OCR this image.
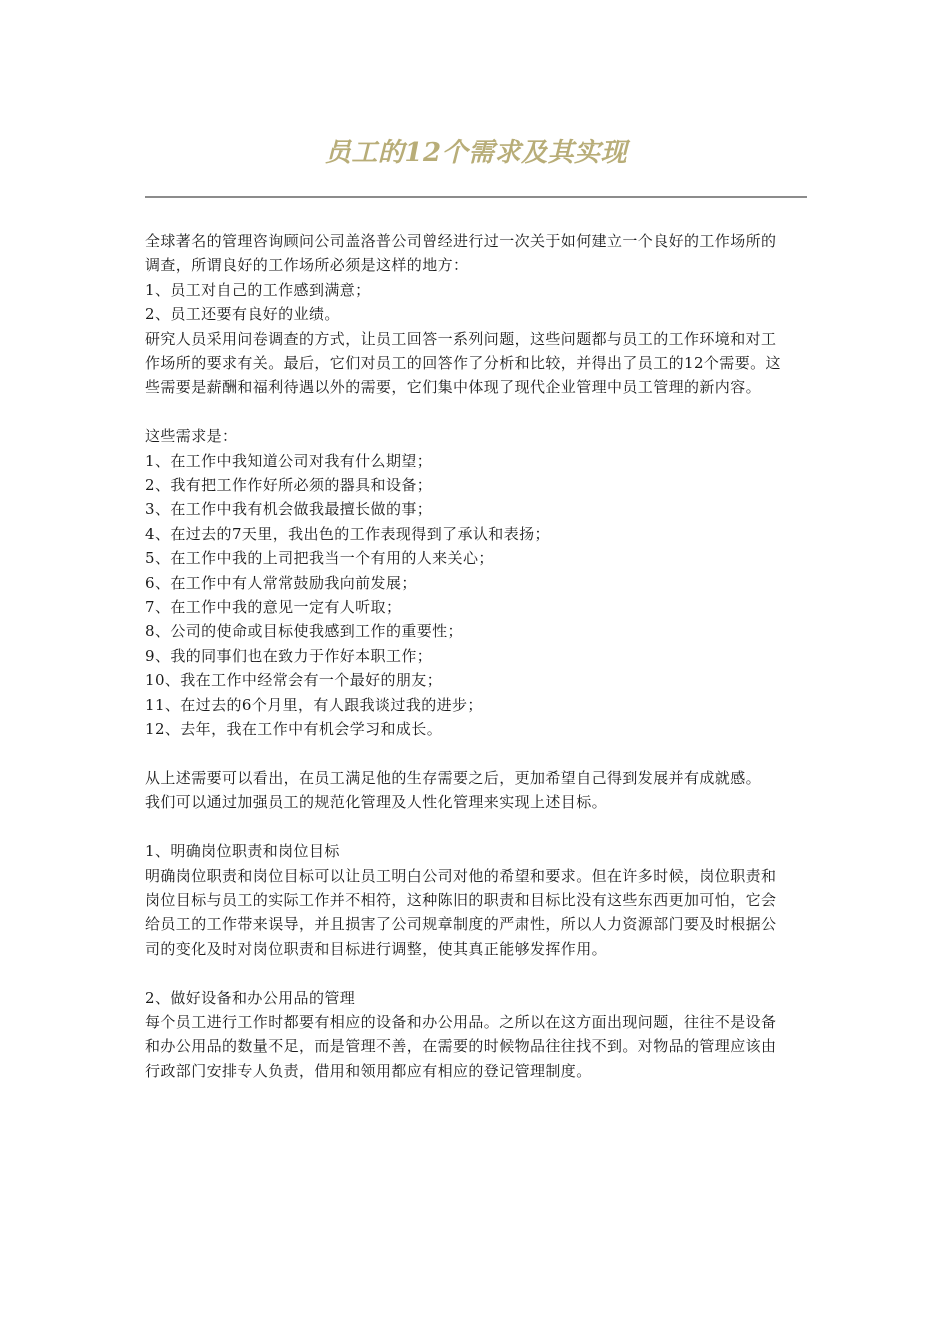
员工的12个需求及其实现

全球著名的管理咨询顾问公司盖洛普公司曾经进行过一次关于如何建立一个良好的工作场所的调查，所谓良好的工作场所必须是这样的地方：

1、员工对自己的工作感到满意；

2、员工还要有良好的业绩。

研究人员采用问卷调查的方式，让员工回答一系列问题，这些问题都与员工的工作环境和对工作场所的要求有关。最后，它们对员工的回答作了分析和比较，并得出了员工的12个需要。这些需要是薪酬和福利待遇以外的需要，它们集中体现了现代企业管理中员工管理的新内容。

这些需求是：

1、在工作中我知道公司对我有什么期望；

2、我有把工作作好所必须的器具和设备；

3、在工作中我有机会做我最擅长做的事；

4、在过去的7天里，我出色的工作表现得到了承认和表扬；

5、在工作中我的上司把我当一个有用的人来关心；

6、在工作中有人常常鼓励我向前发展；

7、在工作中我的意见一定有人听取；

8、公司的使命或目标使我感到工作的重要性；

9、我的同事们也在致力于作好本职工作；

10、我在工作中经常会有一个最好的朋友；

11、在过去的6个月里，有人跟我谈过我的进步；

12、去年，我在工作中有机会学习和成长。

从上述需要可以看出，在员工满足他的生存需要之后，更加希望自己得到发展并有成就感。

我们可以通过加强员工的规范化管理及人性化管理来实现上述目标。

1、明确岗位职责和岗位目标

明确岗位职责和岗位目标可以让员工明白公司对他的希望和要求。但在许多时候，岗位职责和岗位目标与员工的实际工作并不相符，这种陈旧的职责和目标比没有这些东西更加可怕，它会给员工的工作带来误导，并且损害了公司规章制度的严肃性，所以人力资源部门要及时根据公司的变化及时对岗位职责和目标进行调整，使其真正能够发挥作用。

2、做好设备和办公用品的管理

每个员工进行工作时都要有相应的设备和办公用品。之所以在这方面出现问题，往往不是设备和办公用品的数量不足，而是管理不善，在需要的时候物品往往找不到。对物品的管理应该由行政部门安排专人负责，借用和领用都应有相应的登记管理制度。
